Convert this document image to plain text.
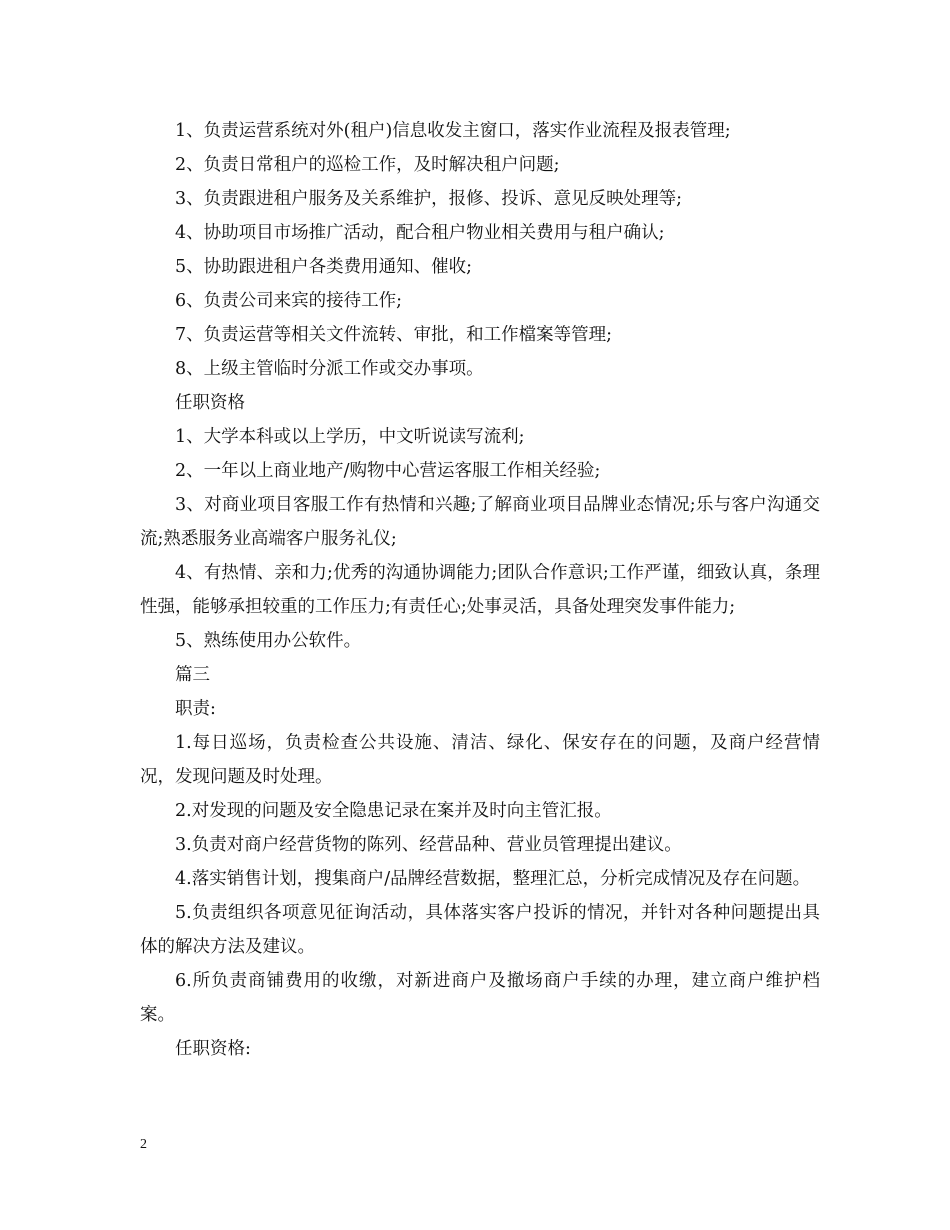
1、负责运营系统对外(租户)信息收发主窗口，落实作业流程及报表管理;

2、负责日常租户的巡检工作，及时解决租户问题;

3、负责跟进租户服务及关系维护，报修、投诉、意见反映处理等;

4、协助项目市场推广活动，配合租户物业相关费用与租户确认;

5、协助跟进租户各类费用通知、催收;

6、负责公司来宾的接待工作;

7、负责运营等相关文件流转、审批，和工作檔案等管理;

8、上级主管临时分派工作或交办事项。

任职资格

1、大学本科或以上学历，中文听说读写流利;

2、一年以上商业地产/购物中心营运客服工作相关经验;

3、对商业项目客服工作有热情和兴趣;了解商业项目品牌业态情况;乐与客户沟通交流;熟悉服务业高端客户服务礼仪;

4、有热情、亲和力;优秀的沟通协调能力;团队合作意识;工作严谨，细致认真，条理性强，能够承担较重的工作压力;有责任心;处事灵活，具备处理突发事件能力;

5、熟练使用办公软件。

篇三

职责:

1.每日巡场，负责检查公共设施、清洁、绿化、保安存在的问题，及商户经营情况，发现问题及时处理。

2.对发现的问题及安全隐患记录在案并及时向主管汇报。

3.负责对商户经营货物的陈列、经营品种、营业员管理提出建议。

4.落实销售计划，搜集商户/品牌经营数据，整理汇总，分析完成情况及存在问题。

5.负责组织各项意见征询活动，具体落实客户投诉的情况，并针对各种问题提出具体的解决方法及建议。

6.所负责商铺费用的收缴，对新进商户及撤场商户手续的办理，建立商户维护档案。

任职资格:

2
